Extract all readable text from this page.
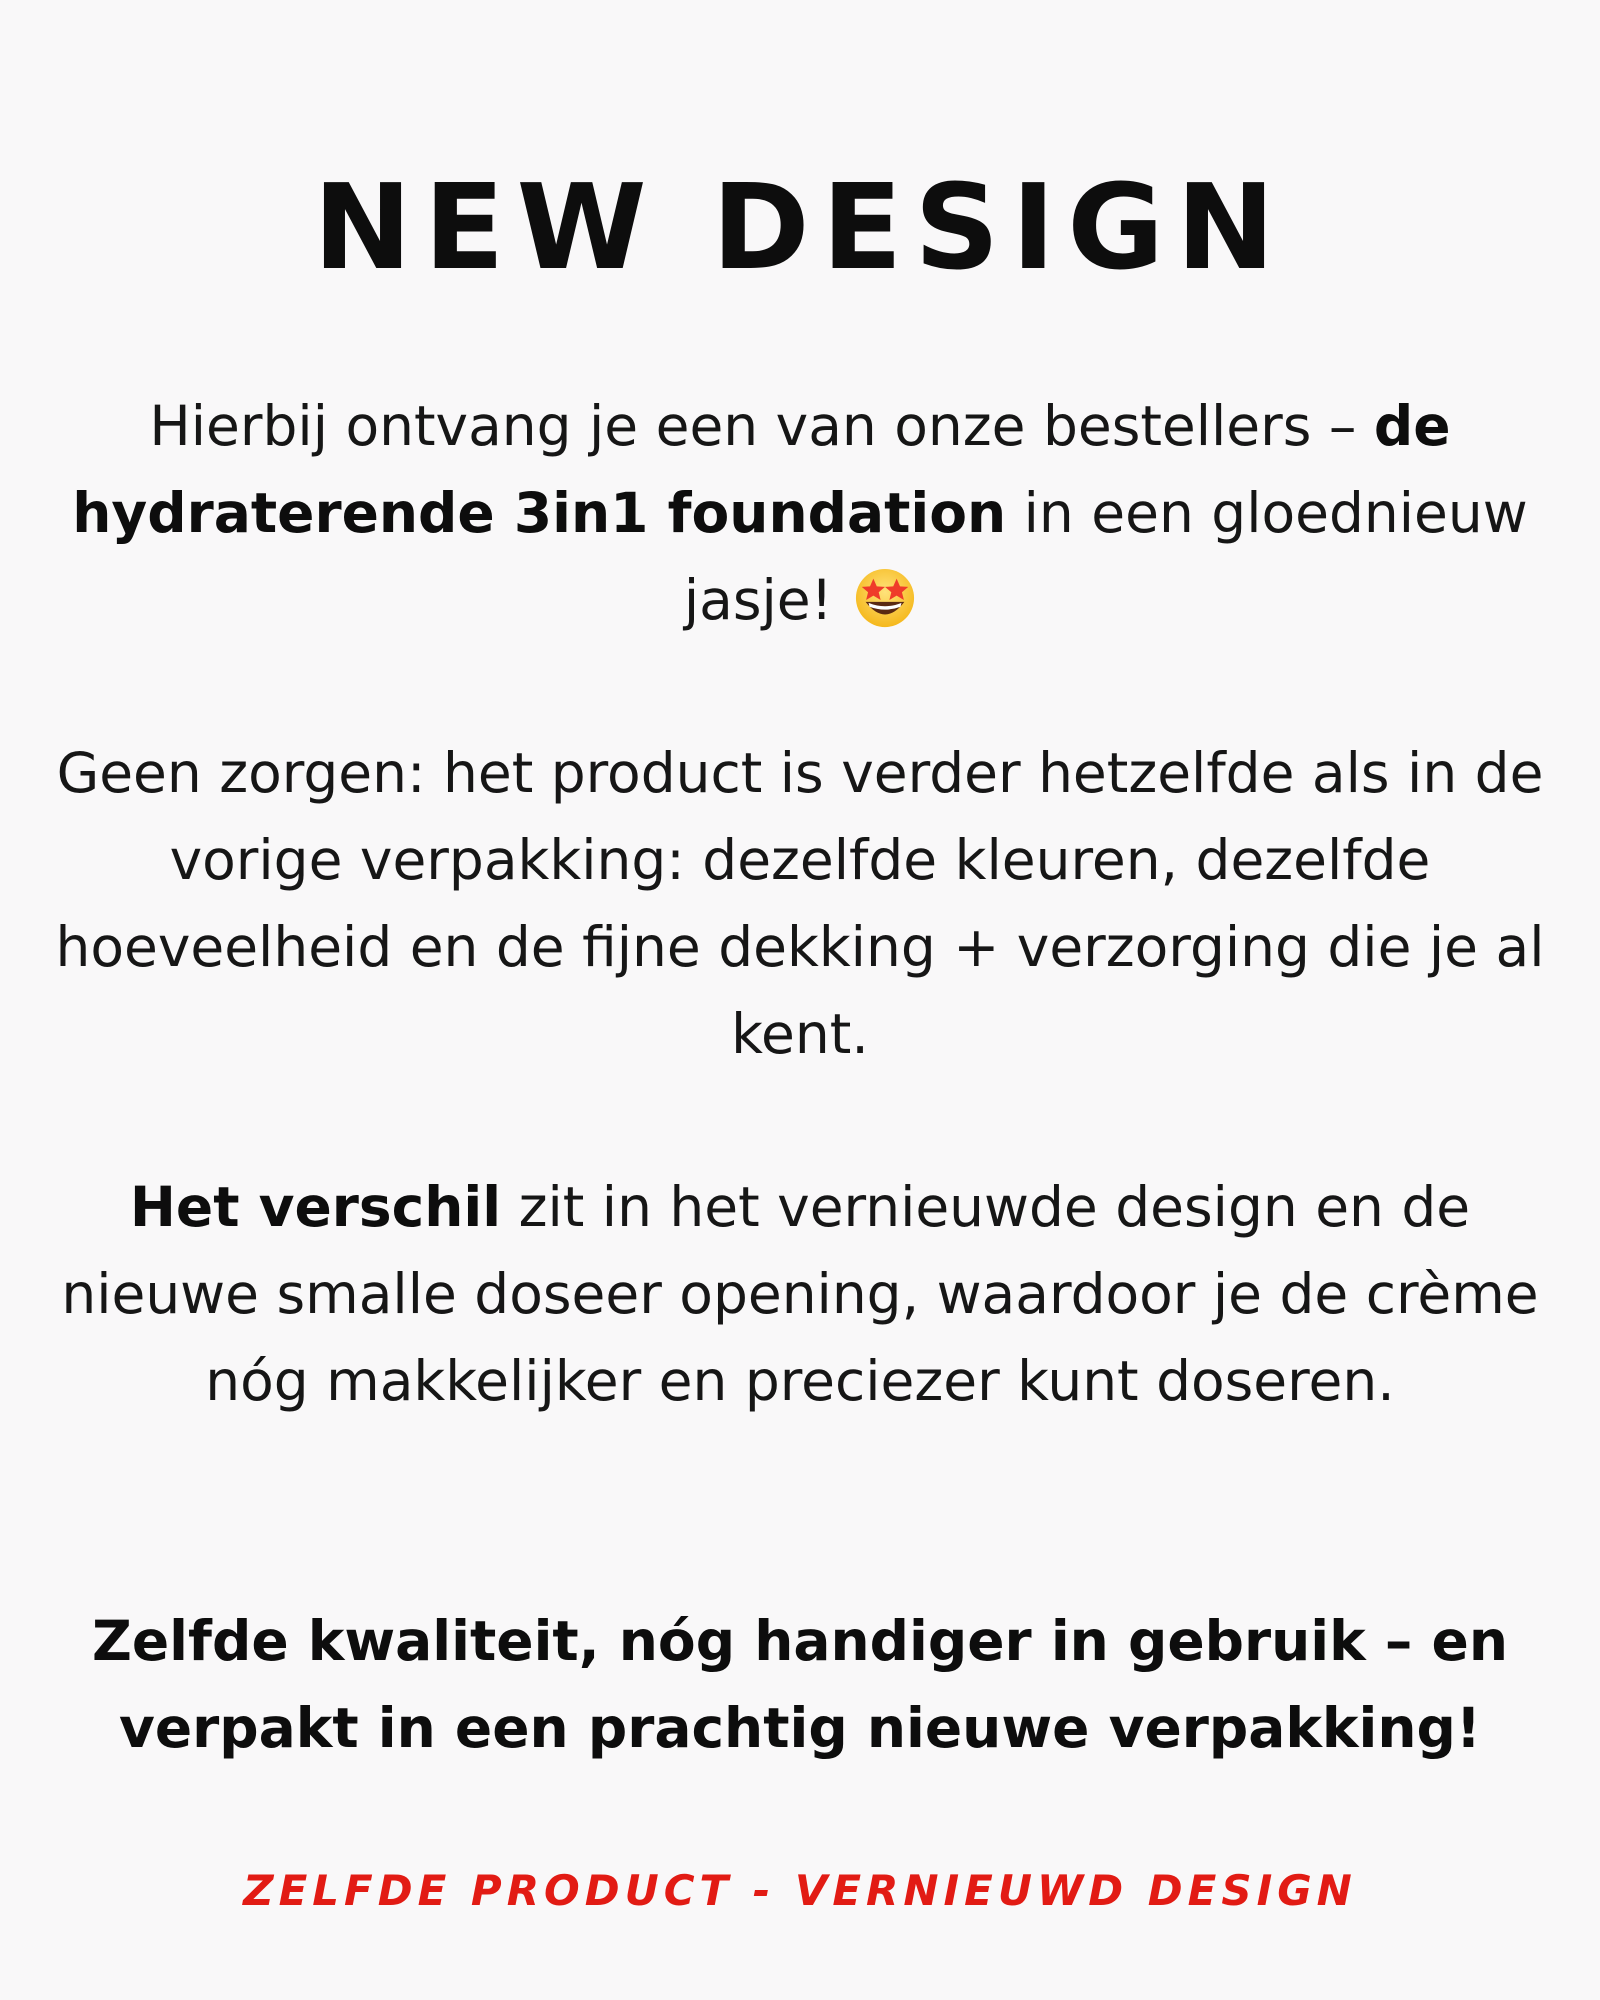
NEW DESIGN

Hierbij ontvang je een van onze bestellers – de hydraterende 3in1 foundation in een gloednieuw jasje!

Geen zorgen: het product is verder hetzelfde als in de vorige verpakking: dezelfde kleuren, dezelfde hoeveelheid en de fijne dekking + verzorging die je al kent.

Het verschil zit in het vernieuwde design en de nieuwe smalle doseer opening, waardoor je de crème nóg makkelijker en preciezer kunt doseren.

Zelfde kwaliteit, nóg handiger in gebruik – en verpakt in een prachtig nieuwe verpakking!

ZELFDE PRODUCT - VERNIEUWD DESIGN
